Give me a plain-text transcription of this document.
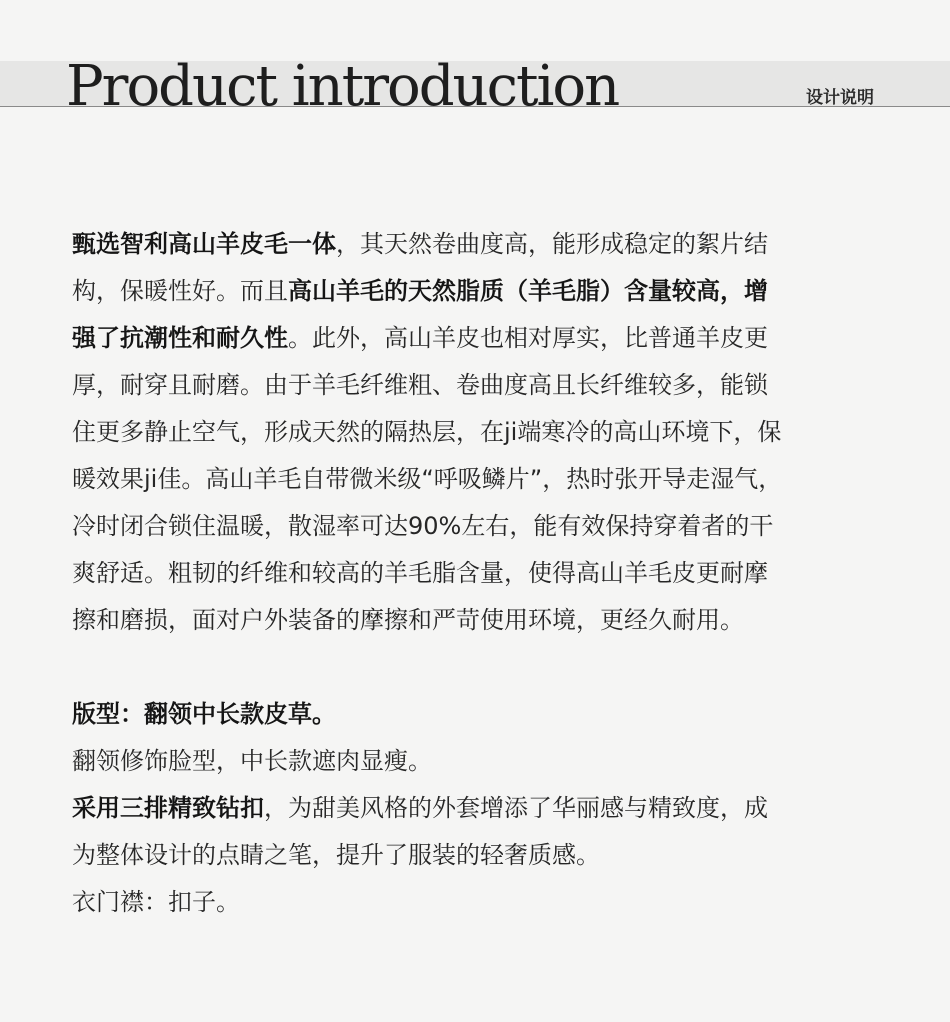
Product introduction	设计说明

甄选智利高山羊皮毛一体，其天然卷曲度高，能形成稳定的絮片结

构，保暖性好。而且高山羊毛的天然脂质（羊毛脂）含量较高，增

强了抗潮性和耐久性。此外，高山羊皮也相对厚实，比普通羊皮更

厚，耐穿且耐磨。由于羊毛纤维粗、卷曲度高且长纤维较多，能锁

住更多静止空气，形成天然的隔热层，在ji端寒冷的高山环境下，保

暖效果ji佳。高山羊毛自带微米级“呼吸鳞片”，热时张开导走湿气，

冷时闭合锁住温暖，散湿率可达90%左右，能有效保持穿着者的干

爽舒适。粗韧的纤维和较高的羊毛脂含量，使得高山羊毛皮更耐摩

擦和磨损，面对户外装备的摩擦和严苛使用环境，更经久耐用。

版型：翻领中长款皮草。

翻领修饰脸型，中长款遮肉显瘦。

采用三排精致钻扣，为甜美风格的外套增添了华丽感与精致度，成

为整体设计的点睛之笔，提升了服装的轻奢质感。

衣门襟：扣子。
